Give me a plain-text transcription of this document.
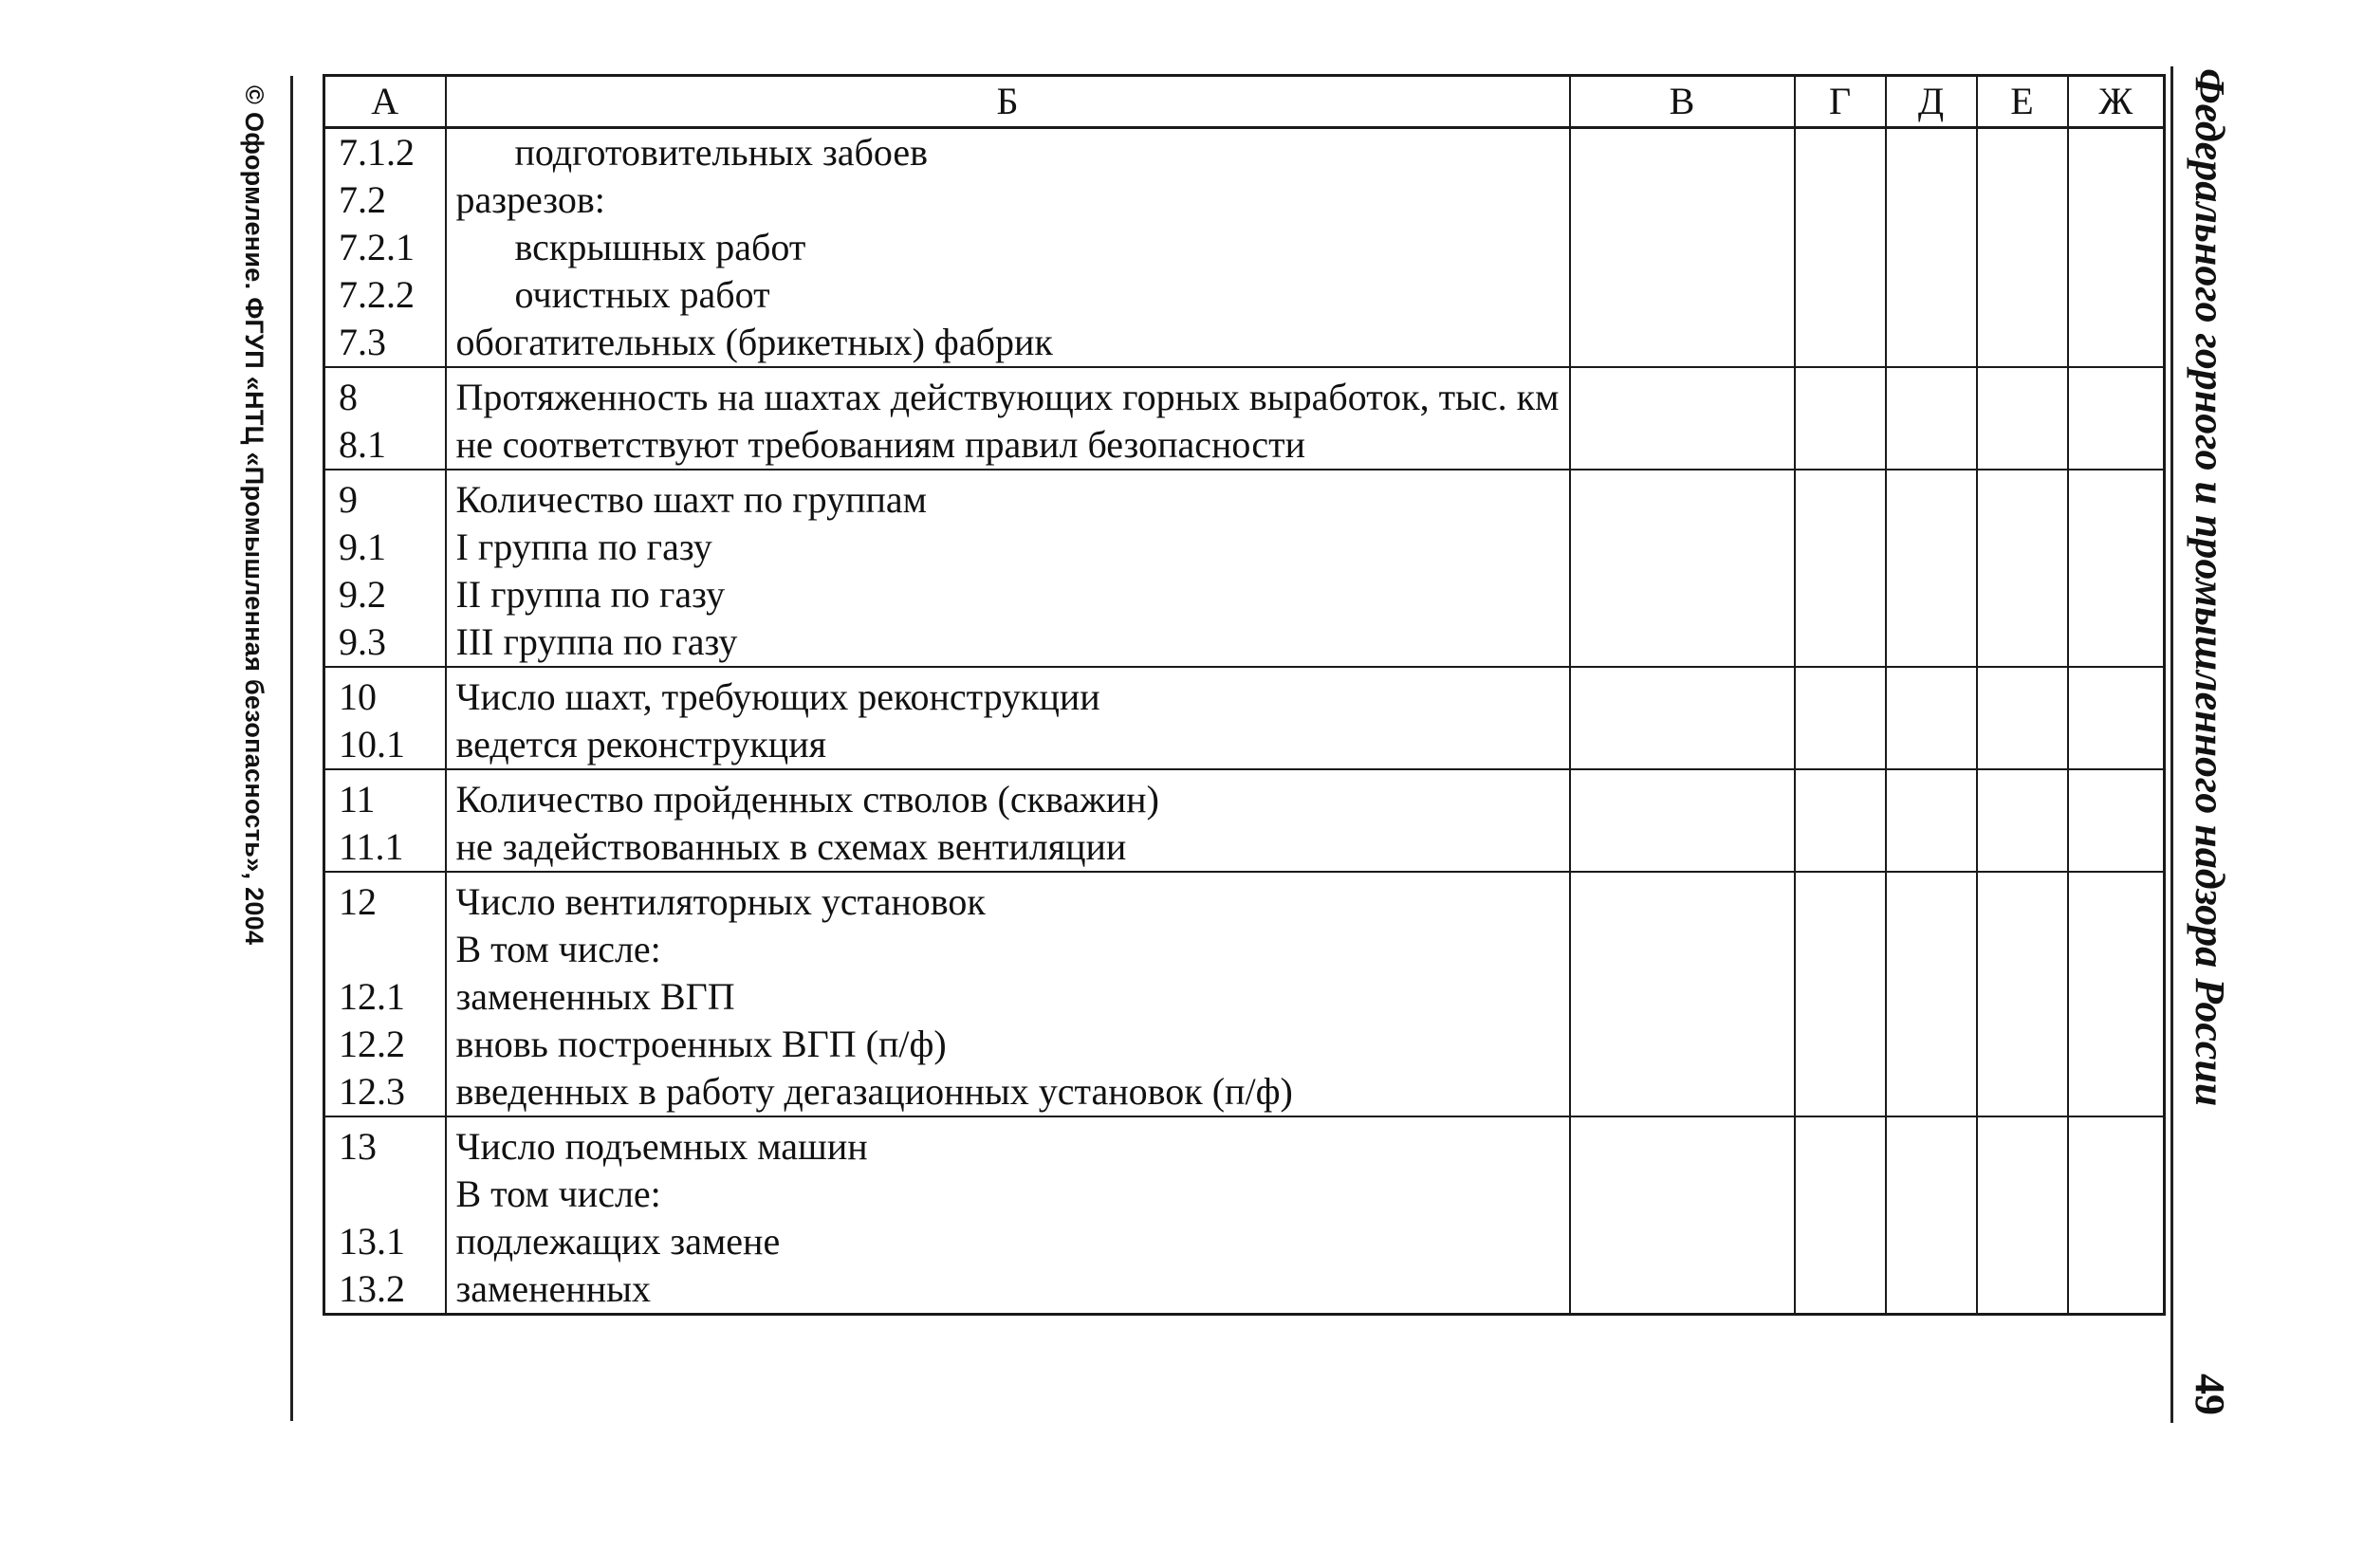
© Оформление. ФГУП «НТЦ «Промышленная безопасность», 2004	Федерального горного и промышленного надзора России
49
А	Б	В	Г	Д	Е	Ж
7.1.2	подготовительных забоев					
7.2	разрезов:					
7.2.1	вскрышных работ					
7.2.2	очистных работ					
7.3	обогатительных (брикетных) фабрик					
8	Протяженность на шахтах действующих горных выработок, тыс. км					
8.1	не соответствуют требованиям правил безопасности					
9	Количество шахт по группам					
9.1	I группа по газу					
9.2	II группа по газу					
9.3	III группа по газу					
10	Число шахт, требующих реконструкции					
10.1	ведется реконструкция					
11	Количество пройденных стволов (скважин)					
11.1	не задействованных в схемах вентиляции					
12	Число вентиляторных установок					
	В том числе:					
12.1	замененных ВГП					
12.2	вновь построенных ВГП (п/ф)					
12.3	введенных в работу дегазационных установок (п/ф)					
13	Число подъемных машин					
	В том числе:					
13.1	подлежащих замене					
13.2	замененных					
